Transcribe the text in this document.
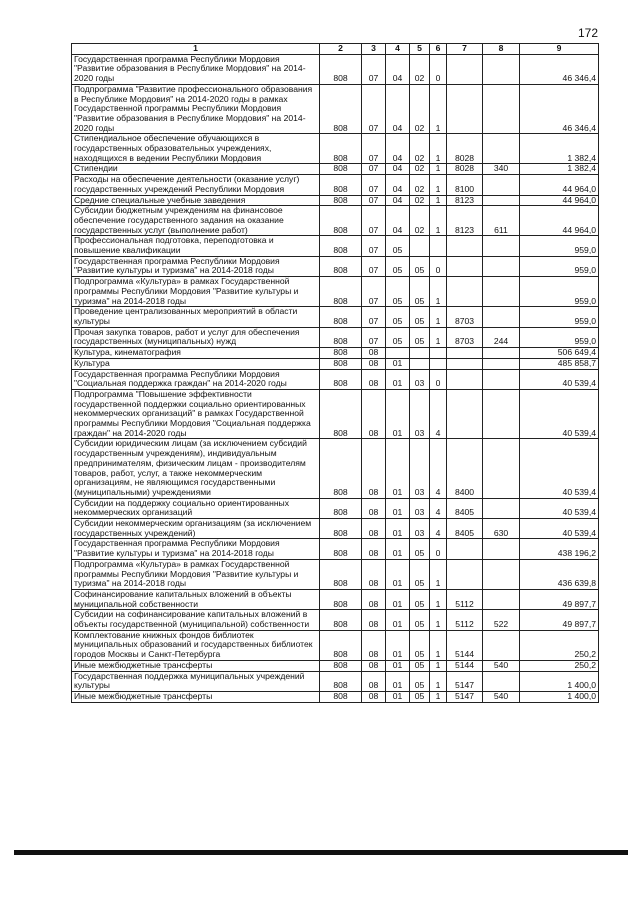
172
1	2	3	4	5	6	7	8	9
Государственная программа Республики Мордовия "Развитие образования в Республике Мордовия" на 2014-2020 годы	808	07	04	02	0			46 346,4
Подпрограмма "Развитие профессионального образования в Республике Мордовия" на 2014-2020 годы в рамках Государственной программы Республики Мордовия "Развитие образования в Республике Мордовия" на 2014-2020 годы	808	07	04	02	1			46 346,4
Стипендиальное обеспечение обучающихся в государственных образовательных учреждениях, находящихся в ведении Республики Мордовия	808	07	04	02	1	8028		1 382,4
Стипендии	808	07	04	02	1	8028	340	1 382,4
Расходы на обеспечение деятельности (оказание услуг) государственных учреждений Республики Мордовия	808	07	04	02	1	8100		44 964,0
Средние специальные учебные заведения	808	07	04	02	1	8123		44 964,0
Субсидии бюджетным учреждениям на финансовое обеспечение государственного задания на оказание государственных услуг (выполнение работ)	808	07	04	02	1	8123	611	44 964,0
Профессиональная подготовка, переподготовка и повышение квалификации	808	07	05					959,0
Государственная программа Республики Мордовия "Развитие культуры и туризма" на 2014-2018 годы	808	07	05	05	0			959,0
Подпрограмма «Культура» в рамках Государственной программы Республики Мордовия "Развитие культуры и туризма" на 2014-2018 годы	808	07	05	05	1			959,0
Проведение централизованных мероприятий в области культуры	808	07	05	05	1	8703		959,0
Прочая закупка товаров, работ и услуг для обеспечения государственных (муниципальных) нужд	808	07	05	05	1	8703	244	959,0
Культура, кинематография	808	08						506 649,4
Культура	808	08	01					485 858,7
Государственная программа Республики Мордовия "Социальная поддержка граждан" на 2014-2020 годы	808	08	01	03	0			40 539,4
Подпрограмма "Повышение эффективности государственной поддержки социально ориентированных некоммерческих организаций" в рамках Государственной программы Республики Мордовия "Социальная поддержка граждан" на 2014-2020 годы	808	08	01	03	4			40 539,4
Субсидии юридическим лицам (за исключением субсидий государственным учреждениям), индивидуальным предпринимателям, физическим лицам - производителям товаров, работ, услуг, а также некоммерческим организациям, не являющимся государственными (муниципальными) учреждениями	808	08	01	03	4	8400		40 539,4
Субсидии на поддержку социально ориентированных некоммерческих организаций	808	08	01	03	4	8405		40 539,4
Субсидии некоммерческим организациям (за исключением государственных учреждений)	808	08	01	03	4	8405	630	40 539,4
Государственная программа Республики Мордовия "Развитие культуры и туризма" на 2014-2018 годы	808	08	01	05	0			438 196,2
Подпрограмма «Культура» в рамках Государственной программы Республики Мордовия "Развитие культуры и туризма" на 2014-2018 годы	808	08	01	05	1			436 639,8
Софинансирование капитальных вложений в объекты муниципальной собственности	808	08	01	05	1	5112		49 897,7
Субсидии на софинансирование капитальных вложений в объекты государственной (муниципальной) собственности	808	08	01	05	1	5112	522	49 897,7
Комплектование книжных фондов библиотек муниципальных образований и государственных библиотек городов Москвы и Санкт-Петербурга	808	08	01	05	1	5144		250,2
Иные межбюджетные трансферты	808	08	01	05	1	5144	540	250,2
Государственная поддержка муниципальных учреждений культуры	808	08	01	05	1	5147		1 400,0
Иные межбюджетные трансферты	808	08	01	05	1	5147	540	1 400,0
